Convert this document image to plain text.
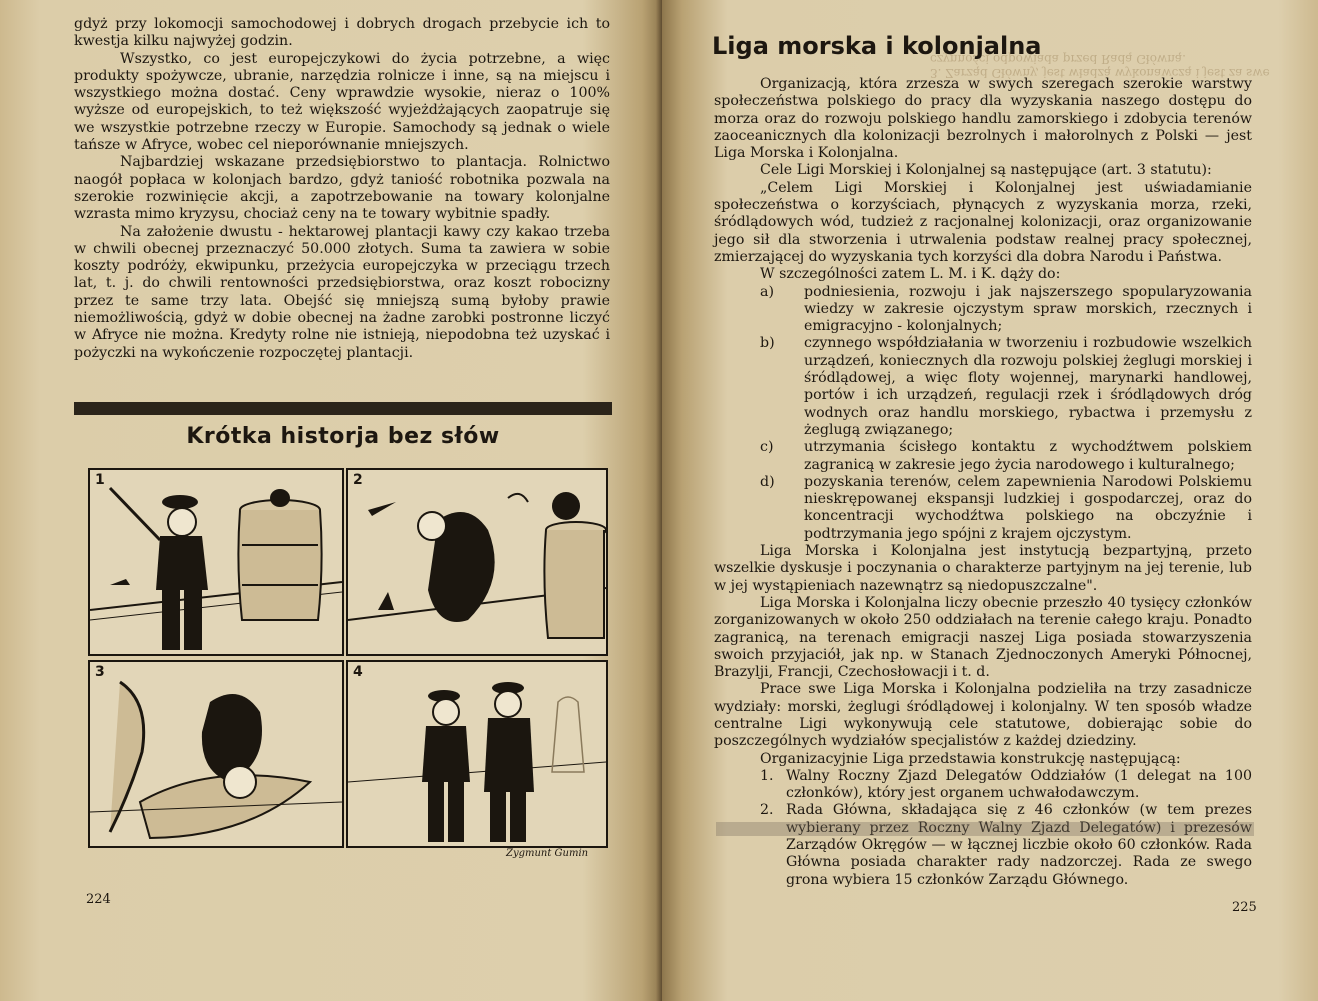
gdyż przy lokomocji samochodowej i dobrych drogach przebycie ich to kwestja kilku najwyżej godzin.

Wszystko, co jest europejczykowi do życia potrzebne, a więc produkty spożywcze, ubranie, narzędzia rolnicze i inne, są na miejscu i wszystkiego można dostać. Ceny wprawdzie wysokie, nieraz o 100% wyższe od europejskich, to też większość wyjeżdżających zaopatruje się we wszystkie potrzebne rzeczy w Europie. Samochody są jednak o wiele tańsze w Afryce, wobec cel nieporównanie mniejszych.

Najbardziej wskazane przedsiębiorstwo to plantacja. Rolnictwo naogół popłaca w kolonjach bardzo, gdyż taniość robotnika pozwala na szerokie rozwinięcie akcji, a zapotrzebowanie na towary kolonjalne wzrasta mimo kryzysu, chociaż ceny na te towary wybitnie spadły.

Na założenie dwustu - hektarowej plantacji kawy czy kakao trzeba w chwili obecnej przeznaczyć 50.000 złotych. Suma ta zawiera w sobie koszty podróży, ekwipunku, przeżycia europejczyka w przeciągu trzech lat, t. j. do chwili rentowności przedsiębiorstwa, oraz koszt robocizny przez te same trzy lata. Obejść się mniejszą sumą byłoby prawie niemożliwością, gdyż w dobie obecnej na żadne zarobki postronne liczyć w Afryce nie można. Kredyty rolne nie istnieją, niepodobna też uzyskać i pożyczki na wykończenie rozpoczętej plantacji.

Krótka historja bez słów
1	2
3	4
Zygmunt Gumin
224
3. Zarząd Główny, jest władzą wykonawczą i jest za swe czynności odpowiada przed Radą Główną.
Liga morska i kolonjalna

Organizacją, która zrzesza w swych szeregach szerokie warstwy społeczeństwa polskiego do pracy dla wyzyskania naszego dostępu do morza oraz do rozwoju polskiego handlu zamorskiego i zdobycia terenów zaoceanicznych dla kolonizacji bezrolnych i małorolnych z Polski — jest Liga Morska i Kolonjalna.

Cele Ligi Morskiej i Kolonjalnej są następujące (art. 3 statutu):

„Celem Ligi Morskiej i Kolonjalnej jest uświadamianie społeczeństwa o korzyściach, płynących z wyzyskania morza, rzeki, śródlądowych wód, tudzież z racjonalnej kolonizacji, oraz organizowanie jego sił dla stworzenia i utrwalenia podstaw realnej pracy społecznej, zmierzającej do wyzyskania tych korzyści dla dobra Narodu i Państwa.

W szczególności zatem L. M. i K. dąży do:

a)	podniesienia, rozwoju i jak najszerszego spopularyzowania wiedzy w zakresie ojczystym spraw morskich, rzecznych i emigracyjno - kolonjalnych;
b)	czynnego współdziałania w tworzeniu i rozbudowie wszelkich urządzeń, koniecznych dla rozwoju polskiej żeglugi morskiej i śródlądowej, a więc floty wojennej, marynarki handlowej, portów i ich urządzeń, regulacji rzek i śródlądowych dróg wodnych oraz handlu morskiego, rybactwa i przemysłu z żeglugą związanego;
c)	utrzymania ścisłego kontaktu z wychodźtwem polskiem zagranicą w zakresie jego życia narodowego i kulturalnego;
d)	pozyskania terenów, celem zapewnienia Narodowi Polskiemu nieskrępowanej ekspansji ludzkiej i gospodarczej, oraz do koncentracji wychodźtwa polskiego na obczyźnie i podtrzymania jego spójni z krajem ojczystym.

Liga Morska i Kolonjalna jest instytucją bezpartyjną, przeto wszelkie dyskusje i poczynania o charakterze partyjnym na jej terenie, lub w jej wystąpieniach nazewnątrz są niedopuszczalne".

Liga Morska i Kolonjalna liczy obecnie przeszło 40 tysięcy członków zorganizowanych w około 250 oddziałach na terenie całego kraju. Ponadto zagranicą, na terenach emigracji naszej Liga posiada stowarzyszenia swoich przyjaciół, jak np. w Stanach Zjednoczonych Ameryki Północnej, Brazylji, Francji, Czechosłowacji i t. d.

Prace swe Liga Morska i Kolonjalna podzieliła na trzy zasadnicze wydziały: morski, żeglugi śródlądowej i kolonjalny. W ten sposób władze centralne Ligi wykonywują cele statutowe, dobierając sobie do poszczególnych wydziałów specjalistów z każdej dziedziny.

Organizacyjnie Liga przedstawia konstrukcję następującą:

1. Walny Roczny Zjazd Delegatów Oddziałów (1 delegat na 100 członków), który jest organem uchwałodawczym.
2. Rada Główna, składająca się z 46 członków (w tem prezes wybierany przez Roczny Walny Zjazd Delegatów) i prezesów Zarządów Okręgów — w łącznej liczbie około 60 członków. Rada Główna posiada charakter rady nadzorczej. Rada ze swego grona wybiera 15 członków Zarządu Głównego.
225
